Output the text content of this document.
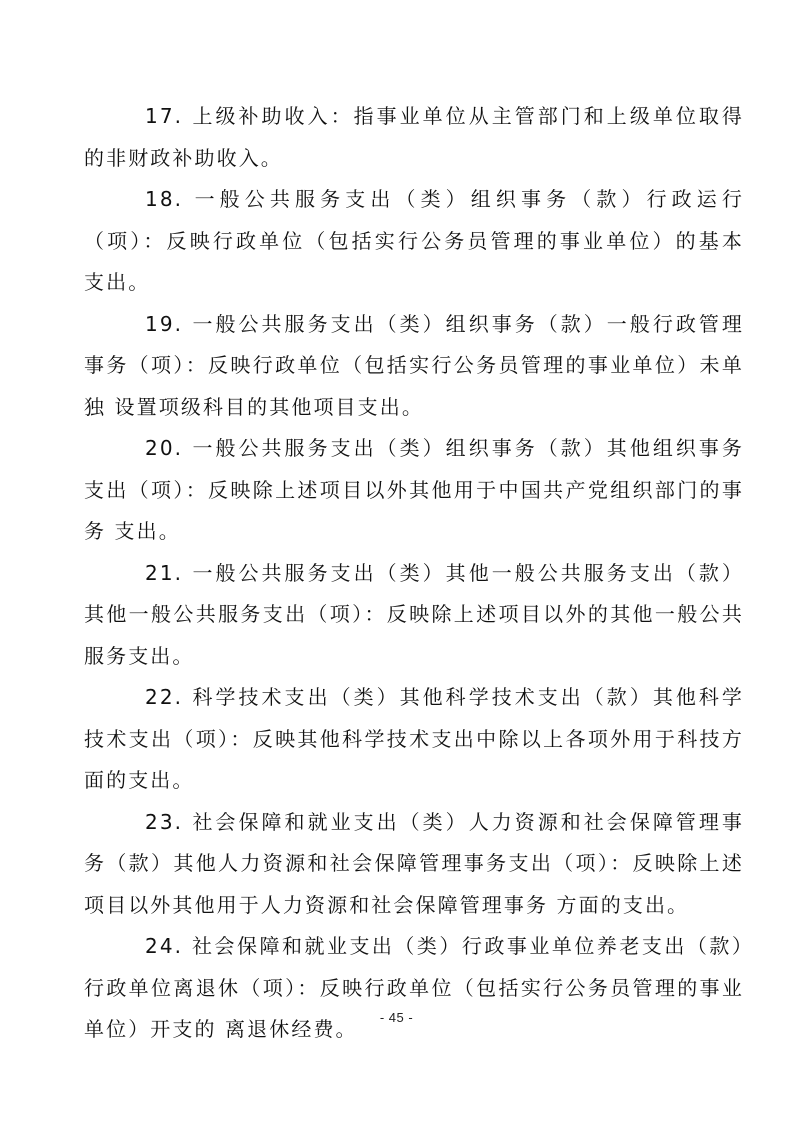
17. 上级补助收入：指事业单位从主管部门和上级单位取得的非财政补助收入。

18. 一般公共服务支出（类）组织事务（款）行政运行（项）：反映行政单位（包括实行公务员管理的事业单位）的基本 支出。

19. 一般公共服务支出（类）组织事务（款）一般行政管理事务（项）：反映行政单位（包括实行公务员管理的事业单位）未单独 设置项级科目的其他项目支出。

20. 一般公共服务支出（类）组织事务（款）其他组织事务支出（项）：反映除上述项目以外其他用于中国共产党组织部门的事务 支出。

21. 一般公共服务支出（类）其他一般公共服务支出（款）其他一般公共服务支出（项）：反映除上述项目以外的其他一般公共服务支出。

22. 科学技术支出（类）其他科学技术支出（款）其他科学技术支出（项）：反映其他科学技术支出中除以上各项外用于科技方面的支出。

23. 社会保障和就业支出（类）人力资源和社会保障管理事务（款）其他人力资源和社会保障管理事务支出（项）：反映除上述项目以外其他用于人力资源和社会保障管理事务 方面的支出。

24. 社会保障和就业支出（类）行政事业单位养老支出（款）行政单位离退休（项）：反映行政单位（包括实行公务员管理的事业单位）开支的 离退休经费。	- 45 -
